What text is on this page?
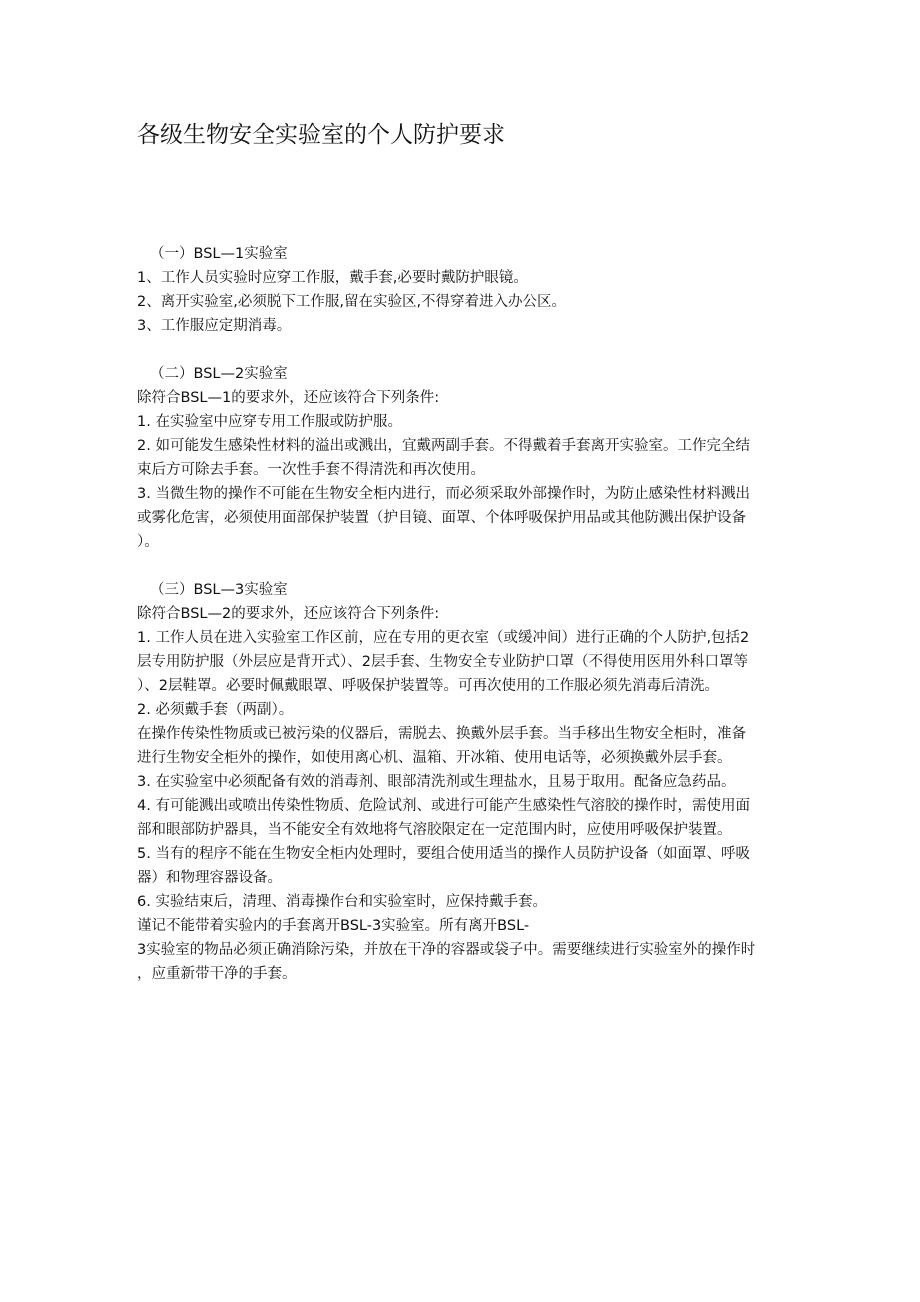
各级生物安全实验室的个人防护要求

（一）BSL—1实验室

1、工作人员实验时应穿工作服，戴手套,必要时戴防护眼镜。

2、离开实验室,必须脱下工作服,留在实验区,不得穿着进入办公区。

3、工作服应定期消毒。

（二）BSL—2实验室

除符合BSL—1的要求外，还应该符合下列条件:

1. 在实验室中应穿专用工作服或防护服。

2. 如可能发生感染性材料的溢出或溅出，宜戴两副手套。不得戴着手套离开实验室。工作完全结

束后方可除去手套。一次性手套不得清洗和再次使用。

3. 当微生物的操作不可能在生物安全柜内进行，而必须采取外部操作时，为防止感染性材料溅出

或雾化危害，必须使用面部保护装置（护目镜、面罩、个体呼吸保护用品或其他防溅出保护设备

）。

（三）BSL—3实验室

除符合BSL—2的要求外，还应该符合下列条件:

1. 工作人员在进入实验室工作区前，应在专用的更衣室（或缓冲间）进行正确的个人防护,包括2

层专用防护服（外层应是背开式）、2层手套、生物安全专业防护口罩（不得使用医用外科口罩等

）、2层鞋罩。必要时佩戴眼罩、呼吸保护装置等。可再次使用的工作服必须先消毒后清洗。

2. 必须戴手套（两副）。

在操作传染性物质或已被污染的仪器后，需脱去、换戴外层手套。当手移出生物安全柜时，准备

进行生物安全柜外的操作，如使用离心机、温箱、开冰箱、使用电话等，必须换戴外层手套。

3. 在实验室中必须配备有效的消毒剂、眼部清洗剂或生理盐水，且易于取用。配备应急药品。

4. 有可能溅出或喷出传染性物质、危险试剂、或进行可能产生感染性气溶胶的操作时，需使用面

部和眼部防护器具，当不能安全有效地将气溶胶限定在一定范围内时，应使用呼吸保护装置。

5. 当有的程序不能在生物安全柜内处理时，要组合使用适当的操作人员防护设备（如面罩、呼吸

器）和物理容器设备。

6. 实验结束后，清理、消毒操作台和实验室时，应保持戴手套。

谨记不能带着实验内的手套离开BSL-3实验室。所有离开BSL-

3实验室的物品必须正确消除污染，并放在干净的容器或袋子中。需要继续进行实验室外的操作时

，应重新带干净的手套。
